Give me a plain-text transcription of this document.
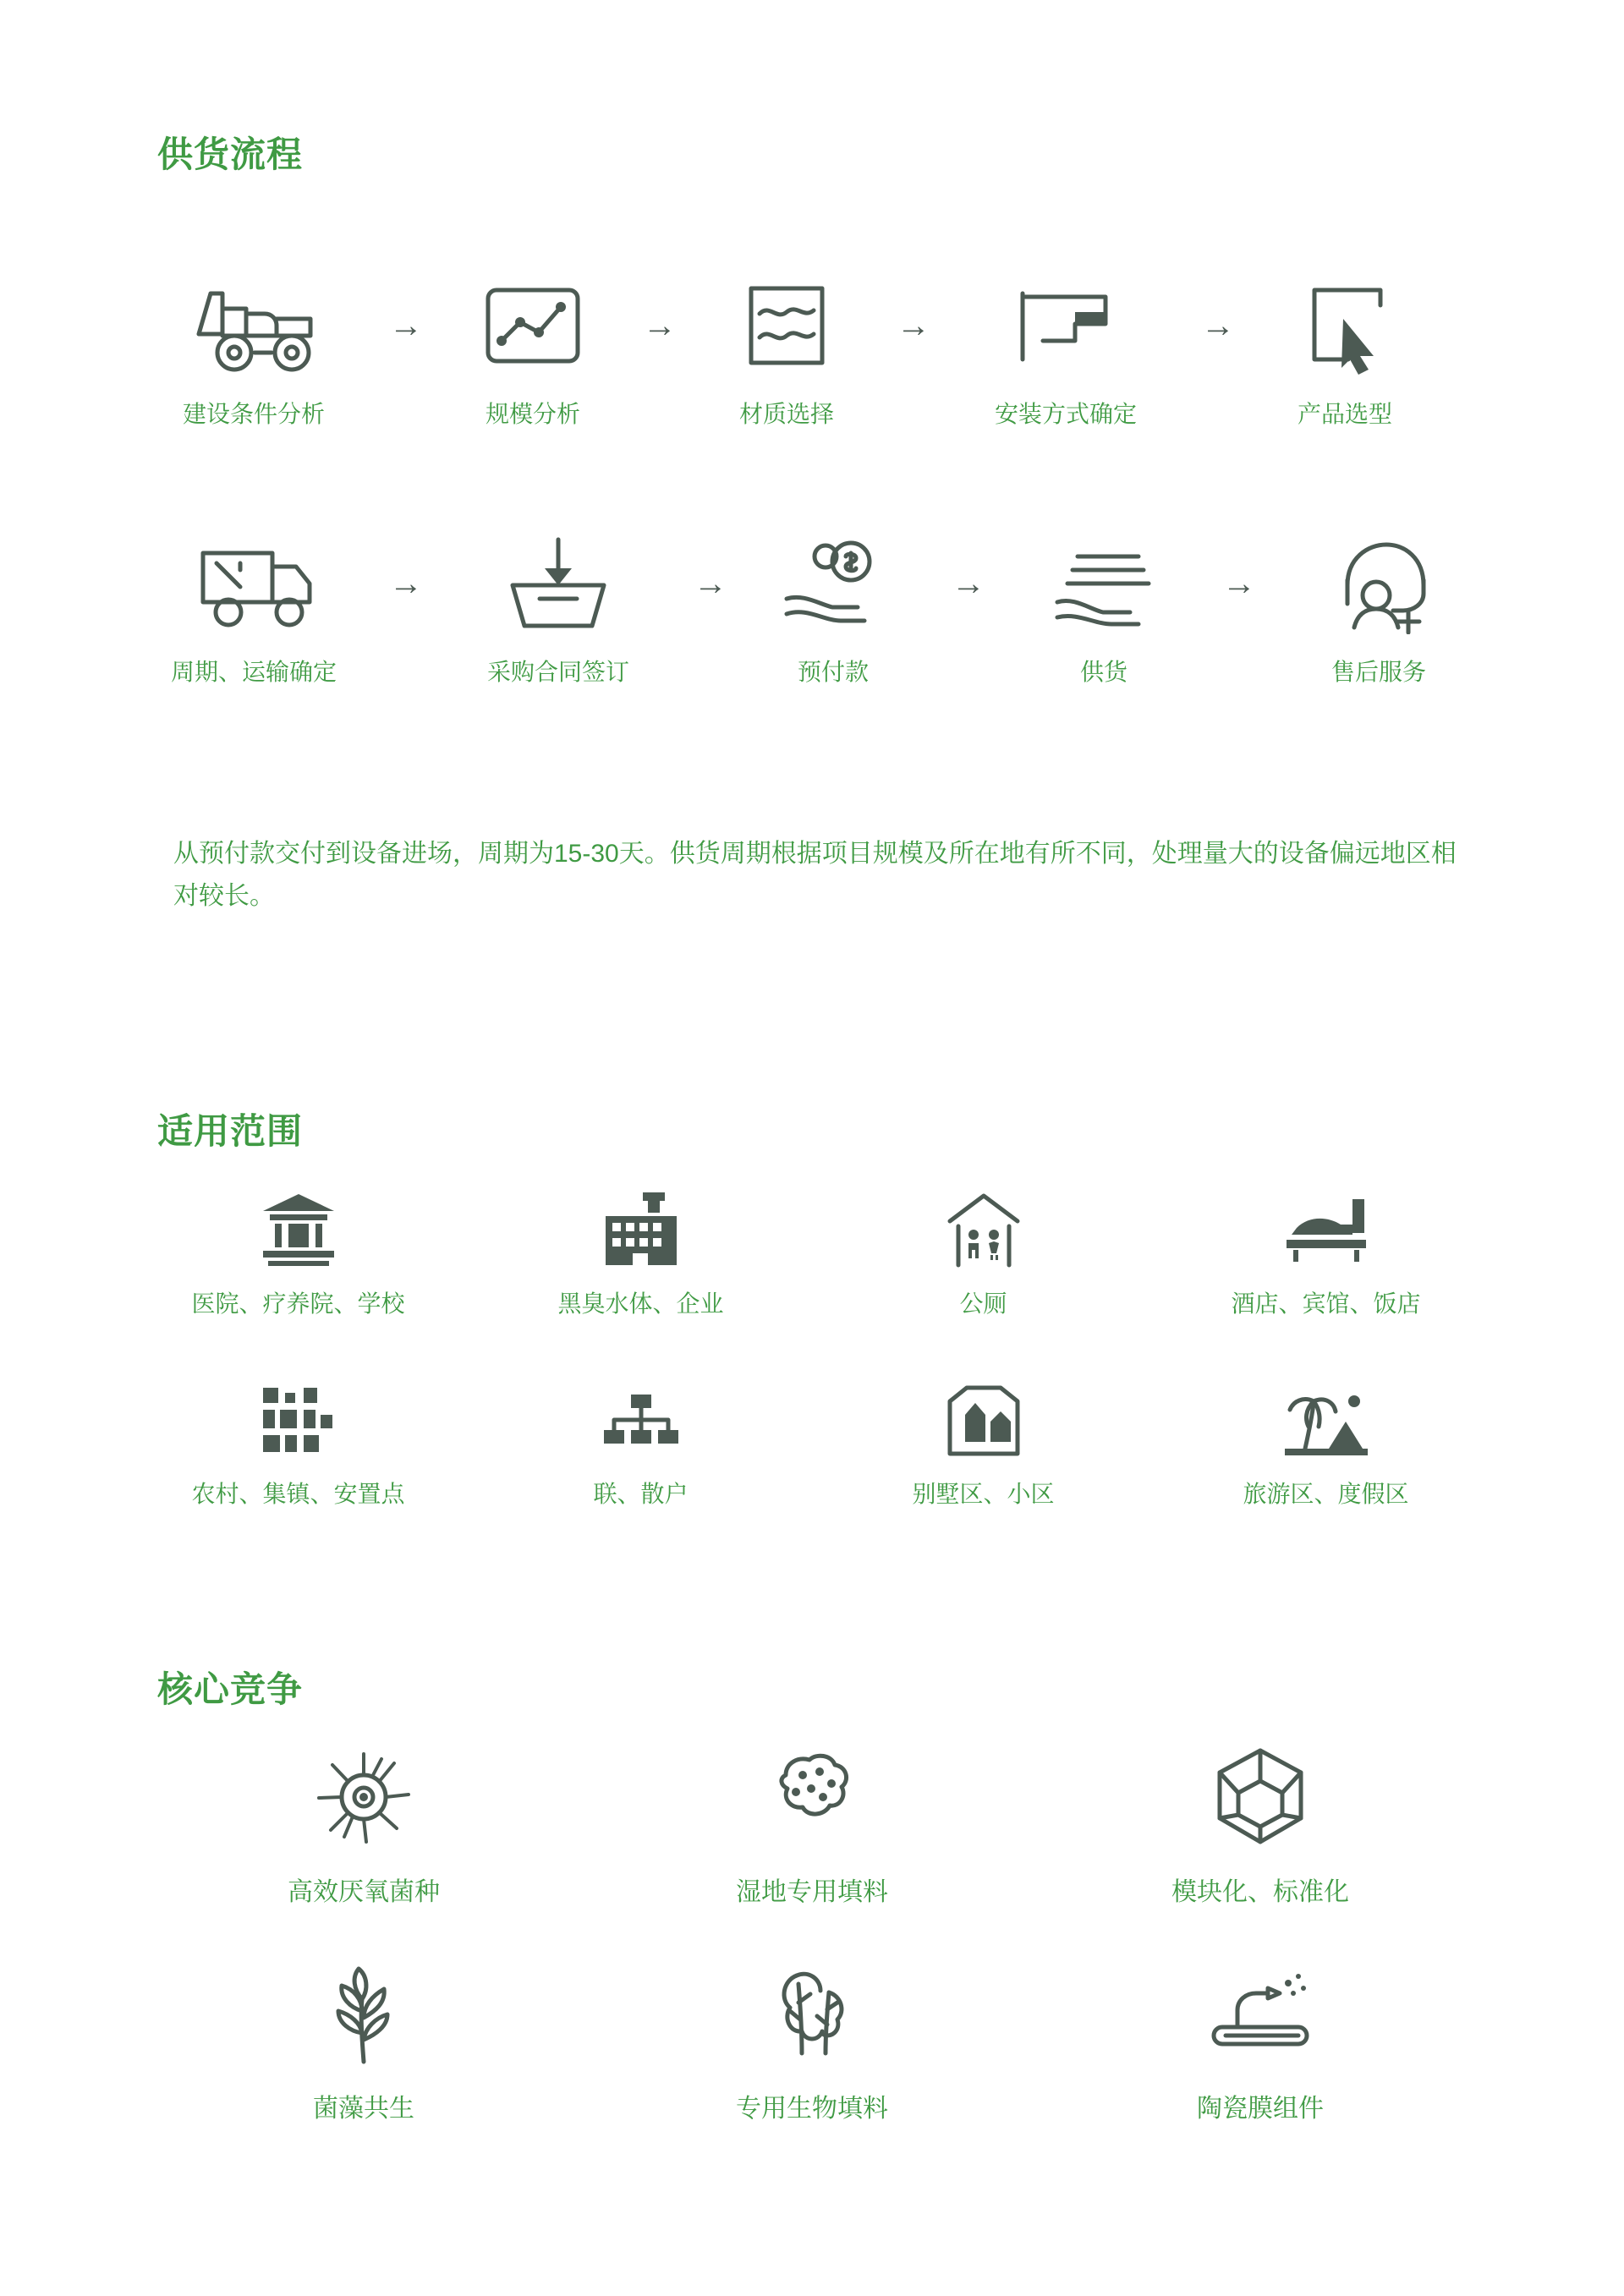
供货流程
建设条件分析
→
规模分析
→
材质选择
→
安装方式确定
→
产品选型
周期、运输确定
→
采购合同签订
→
预付款
→
供货
→
售后服务
从预付款交付到设备进场，周期为15-30天。供货周期根据项目规模及所在地有所不同，处理量大的设备偏远地区相对较长。
适用范围
医院、疗养院、学校	黑臭水体、企业	公厕	酒店、宾馆、饭店
农村、集镇、安置点	联、散户	别墅区、小区	旅游区、度假区
核心竞争
高效厌氧菌种	湿地专用填料	模块化、标准化
菌藻共生	专用生物填料	陶瓷膜组件
